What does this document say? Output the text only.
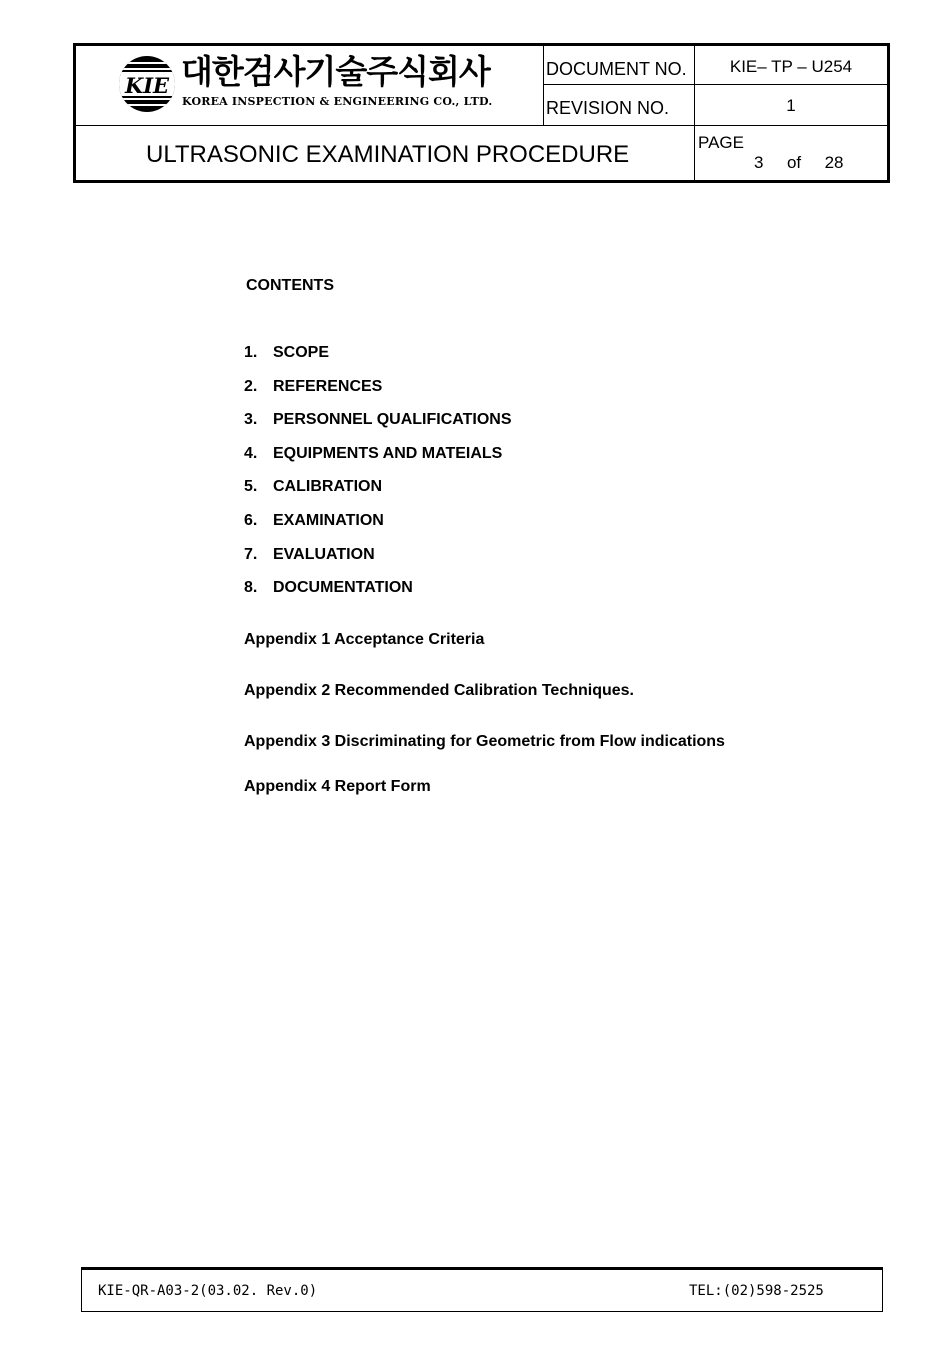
KIE 대한검사기술주식회사
KOREA INSPECTION & ENGINEERING CO., LTD.
DOCUMENT NO.	KIE– TP – U254
REVISION NO.	1
ULTRASONIC EXAMINATION PROCEDURE	PAGE
3 of 28
CONTENTS
1. SCOPE
2. REFERENCES
3. PERSONNEL QUALIFICATIONS
4. EQUIPMENTS AND MATEIALS
5. CALIBRATION
6. EXAMINATION
7. EVALUATION
8. DOCUMENTATION
Appendix 1 Acceptance Criteria
Appendix 2 Recommended Calibration Techniques.
Appendix 3 Discriminating for Geometric from Flow indications
Appendix 4 Report Form
KIE-QR-A03-2(03.02. Rev.0)	TEL:(02)598-2525
